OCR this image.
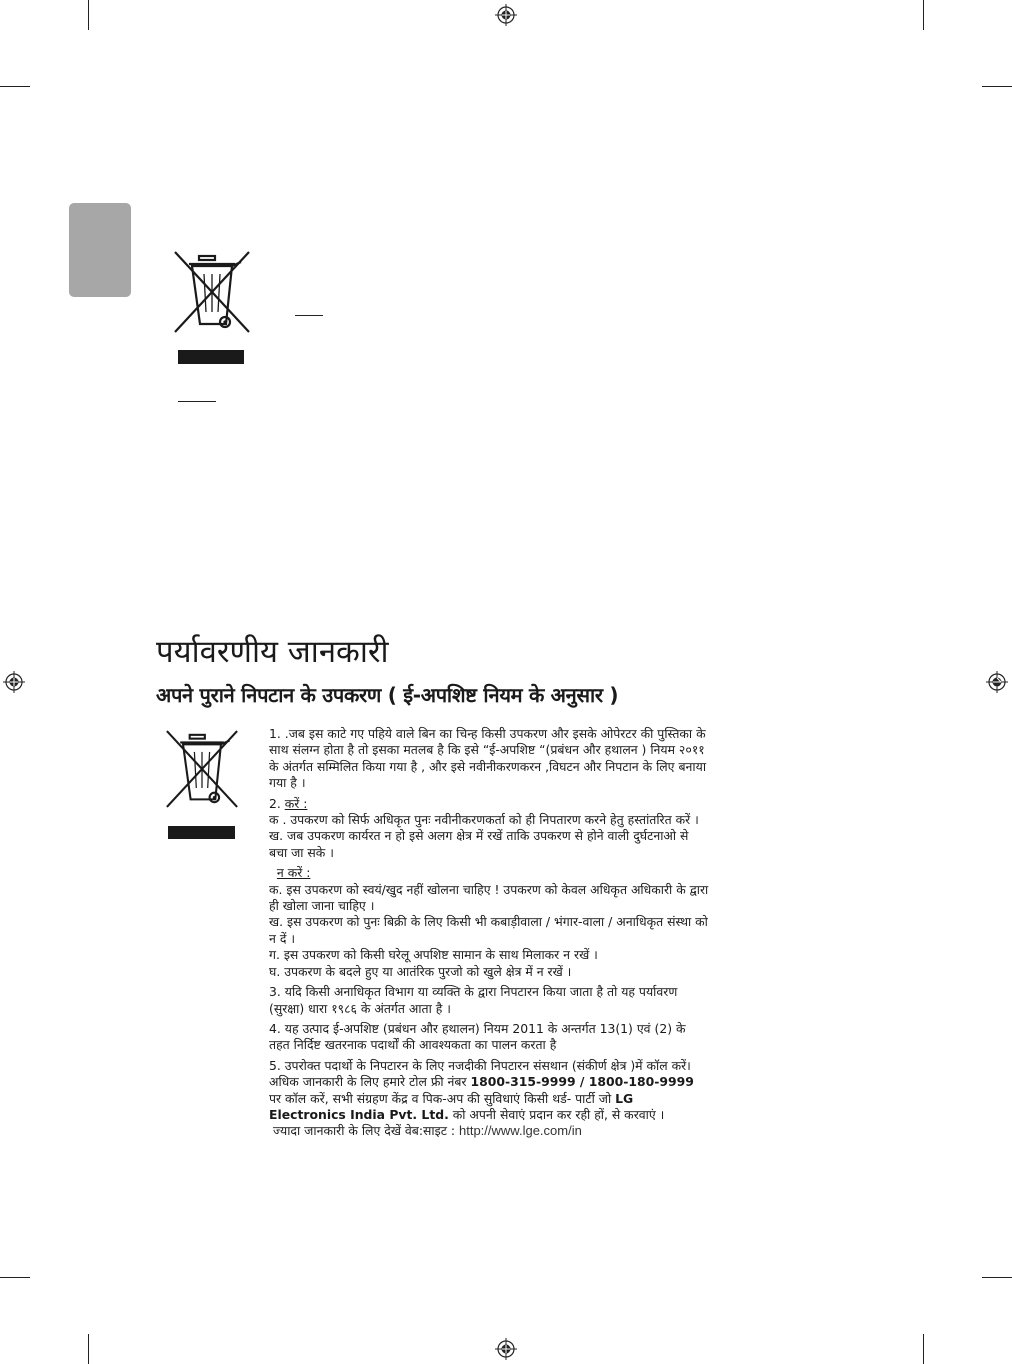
पर्यावरणीय जानकारी
अपने पुराने निपटान के उपकरण ( ई-अपशिष्ट नियम के अनुसार )

1. .जब इस काटे गए पहिये वाले बिन का चिन्ह किसी उपकरण और इसके ओपेरटर की पुस्तिका के साथ संलग्न होता है तो इसका मतलब है कि इसे “ई-अपशिष्ट “(प्रबंधन और हथालन ) नियम २०११ के अंतर्गत सम्मिलित किया गया है , और इसे नवीनीकरणकरन ,विघटन और निपटान के लिए बनाया गया है ।

2. करें :

क . उपकरण को सिर्फ अधिकृत पुनः नवीनीकरणकर्ता को ही निपतारण करने हेतु हस्तांतरित करें ।

ख. जब उपकरण कार्यरत न हो इसे अलग क्षेत्र में रखें ताकि उपकरण से होने वाली दुर्घटनाओ से बचा जा सके ।

न करें :

क. इस उपकरण को स्वयं/खुद नहीं खोलना चाहिए ! उपकरण को केवल अधिकृत अधिकारी के द्वारा ही खोला जाना चाहिए ।

ख. इस उपकरण को पुनः बिक्री के लिए किसी भी कबाड़ीवाला / भंगार-वाला / अनाधिकृत संस्था को न दें ।

ग. इस उपकरण को किसी घरेलू अपशिष्ट सामान के साथ मिलाकर न रखें ।

घ. उपकरण के बदले हुए या आतंरिक पुरजो को खुले क्षेत्र में न रखें ।

3. यदि किसी अनाधिकृत विभाग या व्यक्ति के द्वारा निपटारन किया जाता है तो यह पर्यावरण (सुरक्षा) धारा १९८६ के अंतर्गत आता है ।

4. यह उत्पाद ई-अपशिष्ट (प्रबंधन और हथालन) नियम 2011 के अन्तर्गत 13(1) एवं (2) के तहत निर्दिष्ट खतरनाक पदार्थों की आवश्यकता का पालन करता है

5. उपरोक्त पदार्थो के निपटारन के लिए नजदीकी निपटारन संसथान (संकीर्ण क्षेत्र )में कॉल करें। अधिक जानकारी के लिए हमारे टोल फ्री नंबर 1800-315-9999 / 1800-180-9999 पर कॉल करें, सभी संग्रहण केंद्र व पिक-अप की सुविधाएं किसी थर्ड- पार्टी जो LG Electronics India Pvt. Ltd. को अपनी सेवाएं प्रदान कर रही हों, से करवाएं ।

ज्यादा जानकारी के लिए देखें वेब:साइट : http://www.lge.com/in
